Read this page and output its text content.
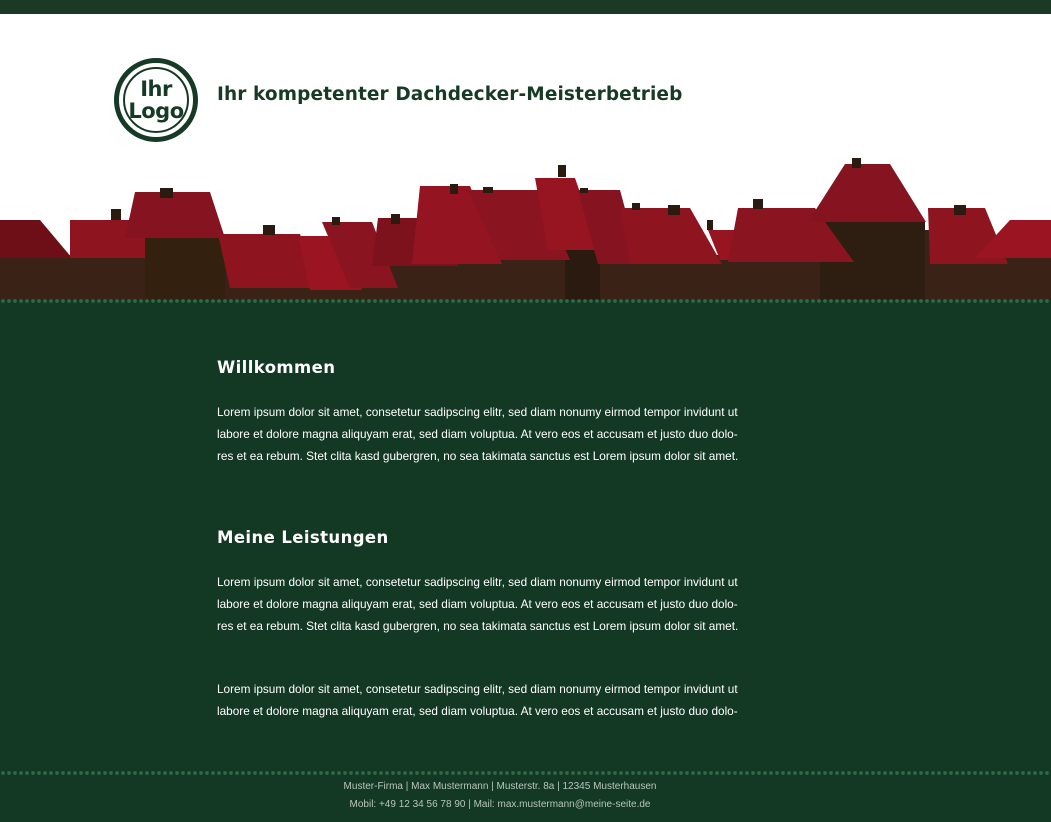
Ihr
Logo
Ihr kompetenter Dachdecker-Meisterbetrieb
Willkommen

Lorem ipsum dolor sit amet, consetetur sadipscing elitr, sed diam nonumy eirmod tempor invidunt ut

labore et dolore magna aliquyam erat, sed diam voluptua. At vero eos et accusam et justo duo dolo-

res et ea rebum. Stet clita kasd gubergren, no sea takimata sanctus est Lorem ipsum dolor sit amet.

Meine Leistungen

Lorem ipsum dolor sit amet, consetetur sadipscing elitr, sed diam nonumy eirmod tempor invidunt ut

labore et dolore magna aliquyam erat, sed diam voluptua. At vero eos et accusam et justo duo dolo-

res et ea rebum. Stet clita kasd gubergren, no sea takimata sanctus est Lorem ipsum dolor sit amet.

Lorem ipsum dolor sit amet, consetetur sadipscing elitr, sed diam nonumy eirmod tempor invidunt ut

labore et dolore magna aliquyam erat, sed diam voluptua. At vero eos et accusam et justo duo dolo-

Muster-Firma | Max Mustermann | Musterstr. 8a | 12345 Musterhausen
Mobil: +49 12 34 56 78 90 | Mail: max.mustermann@meine-seite.de
